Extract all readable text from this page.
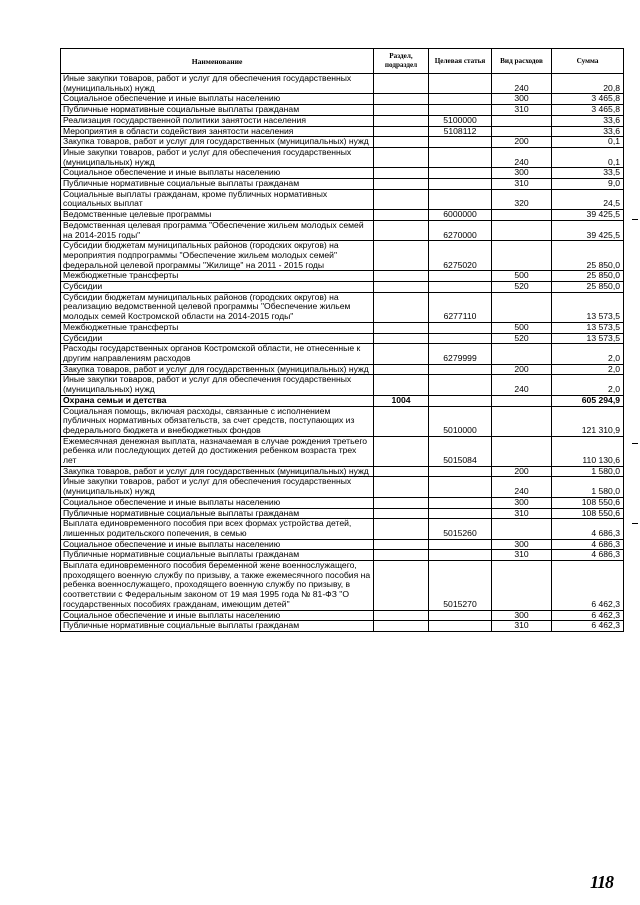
Наименование	Раздел, подраздел	Целевая статья	Вид расходов	Сумма
Иные закупки товаров, работ и услуг для обеспечения государственных (муниципальных) нужд			240	20,8
Социальное обеспечение и иные выплаты населению			300	3 465,8
Публичные нормативные социальные выплаты гражданам			310	3 465,8
Реализация государственной политики занятости населения		5100000		33,6
Мероприятия в области содействия занятости населения		5108112		33,6
Закупка товаров, работ и услуг для государственных (муниципальных) нужд			200	0,1
Иные закупки товаров, работ и услуг для обеспечения государственных (муниципальных) нужд			240	0,1
Социальное обеспечение и иные выплаты населению			300	33,5
Публичные нормативные социальные выплаты гражданам			310	9,0
Социальные выплаты гражданам, кроме публичных нормативных социальных выплат			320	24,5
Ведомственные целевые программы		6000000		39 425,5
Ведомственная целевая программа "Обеспечение жильем молодых семей на 2014-2015 годы"		6270000		39 425,5
Субсидии бюджетам муниципальных районов (городских округов) на мероприятия подпрограммы "Обеспечение жильем молодых семей" федеральной целевой программы "Жилище" на 2011 - 2015 годы		6275020		25 850,0
Межбюджетные трансферты			500	25 850,0
Субсидии			520	25 850,0
Субсидии бюджетам муниципальных районов (городских округов) на реализацию ведомственной целевой программы "Обеспечение жильем молодых семей Костромской области на 2014-2015 годы"		6277110		13 573,5
Межбюджетные трансферты			500	13 573,5
Субсидии			520	13 573,5
Расходы государственных органов Костромской области, не отнесенные к другим направлениям расходов		6279999		2,0
Закупка товаров, работ и услуг для государственных (муниципальных) нужд			200	2,0
Иные закупки товаров, работ и услуг для обеспечения государственных (муниципальных) нужд			240	2,0
Охрана семьи и детства	1004			605 294,9
Социальная помощь, включая расходы, связанные с исполнением публичных нормативных обязательств, за счет средств, поступающих из федерального бюджета и внебюджетных фондов		5010000		121 310,9
Ежемесячная денежная выплата, назначаемая в случае рождения третьего ребенка или последующих детей до достижения ребенком возраста трех лет		5015084		110 130,6
Закупка товаров, работ и услуг для государственных (муниципальных) нужд			200	1 580,0
Иные закупки товаров, работ и услуг для обеспечения государственных (муниципальных) нужд			240	1 580,0
Социальное обеспечение и иные выплаты населению			300	108 550,6
Публичные нормативные социальные выплаты гражданам			310	108 550,6
Выплата единовременного пособия при всех формах устройства детей, лишенных родительского попечения, в семью		5015260		4 686,3
Социальное обеспечение и иные выплаты населению			300	4 686,3
Публичные нормативные социальные выплаты гражданам			310	4 686,3
Выплата единовременного пособия беременной жене военнослужащего, проходящего военную службу по призыву, а также ежемесячного пособия на ребенка военнослужащего, проходящего военную службу по призыву, в соответствии с Федеральным законом от 19 мая 1995 года № 81-ФЗ "О государственных пособиях гражданам, имеющим детей"		5015270		6 462,3
Социальное обеспечение и иные выплаты населению			300	6 462,3
Публичные нормативные социальные выплаты гражданам			310	6 462,3
118
